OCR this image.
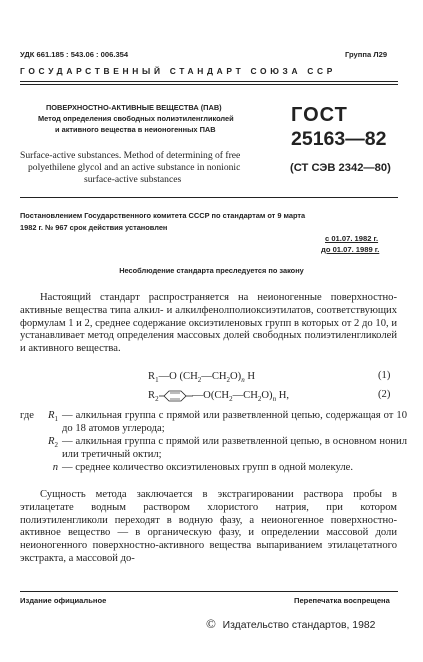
УДК 661.185 : 543.06 : 006.354	Группа Л29
ГОСУДАРСТВЕННЫЙ СТАНДАРТ СОЮЗА ССР
ПОВЕРХНОСТНО-АКТИВНЫЕ ВЕЩЕСТВА (ПАВ)
Метод определения свободных полиэтиленгликолей
и активного вещества в неионогенных ПАВ
Surface-active substances. Method of determining of free
polyethilene glycol and an active substance in nonionic
surface-active substances
ГОСТ
25163—82
(СТ СЭВ 2342—80)
Постановлением Государственного комитета СССР по стандартам от 9 марта
1982 г. № 967 срок действия установлен
с 01.07. 1982 г.
до 01.07. 1989 г.
Несоблюдение стандарта преследуется по закону

Настоящий стандарт распространяется на неионогенные поверхностно-активные вещества типа алкил- и алкилфенолполиоксиэтилатов, соответствующих формулам 1 и 2, среднее содержание оксиэтиленовых групп в которых от 2 до 10, и устанавливает метод определения массовых долей свободных полиэтиленгликолей и активного вещества.

$R_1—O$ $(CH_2—CH_2O)_n$ H	(1)
$R_2$	$—O(CH_2—CH_2O)_n$ H,	(2)
где	$R_1$ — алкильная группа с прямой или разветвленной цепью, содержащая от 10 до 18 атомов углерода;
$R_2$ — алкильная группа с прямой или разветвленной цепью, в основном нонил или третичный октил;
n — среднее количество оксиэтиленовых групп в одной молекуле.

Сущность метода заключается в экстрагировании раствора пробы в этилацетате водным раствором хлористого натрия, при котором полиэтиленгликоли переходят в водную фазу, а неионогенное поверхностно-активное вещество — в органическую фазу, и определении массовой доли неионогенного поверхностно-активного вещества выпариванием этилацетатного экстракта, а массовой до-

Издание официальное	Перепечатка воспрещена
© Издательство стандартов, 1982
